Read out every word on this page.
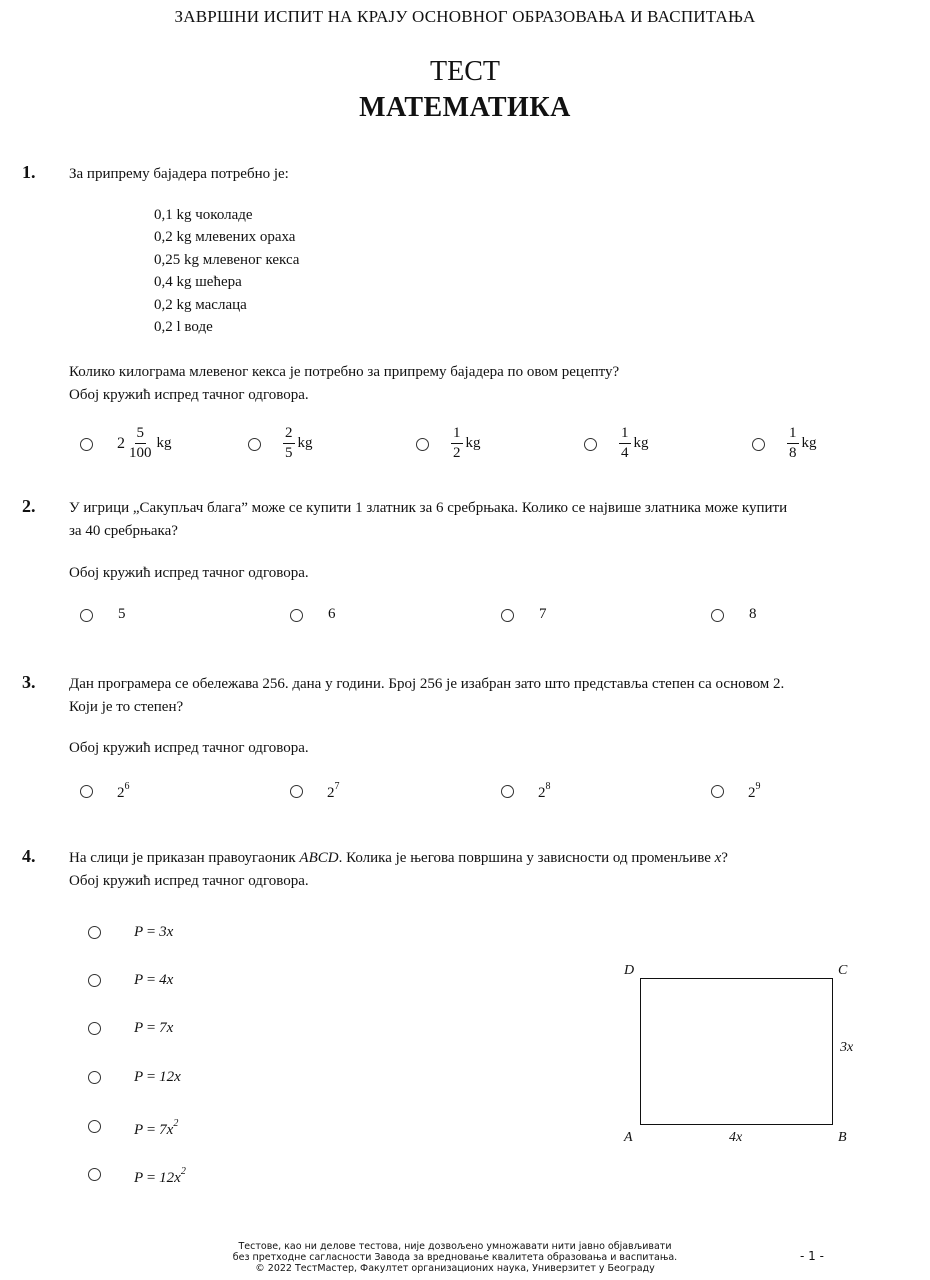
ЗАВРШНИ ИСПИТ НА КРАЈУ ОСНОВНОГ ОБРАЗОВАЊА И ВАСПИТАЊА
ТЕСТ
МАТЕМАТИКА
1. За припрему бајадера потребно је:
0,1 kg чоколаде
0,2 kg млевених ораха
0,25 kg млевеног кекса
0,4 kg шећера
0,2 kg маслаца
0,2 l воде
Колико килограма млевеног кекса је потребно за припрему бајадера по овом рецепту?
Обој кружић испред тачног одговора.
$2 \frac{5}{100}$ kg	$\frac{2}{5}$ kg	$\frac{1}{2}$ kg	$\frac{1}{4}$ kg	$\frac{1}{8}$ kg
2. У игрици „Сакупљач блага” може се купити 1 златник за 6 сребрњака. Колико се највише златника може купити
за 40 сребрњака?
Обој кружић испред тачног одговора.
5	6	7	8
3. Дан програмера се обележава 256. дана у години. Број 256 је изабран зато што представља степен са основом 2.
Који је то степен?
Обој кружић испред тачног одговора.
$2^6$	$2^7$	$2^8$	$2^9$
4. На слици је приказан правоугаоник ABCD. Колика је његова површина у зависности од променљиве x?
Обој кружић испред тачног одговора.
P = 3x
P = 4x
P = 7x
P = 12x
$P = 7x^2$
$P = 12x^2$
D	C
A	B
3x
4x
Тестове, као ни делове тестова, није дозвољено умножавати нити јавно објављивати
без претходне сагласности Завода за вредновање квалитета образовања и васпитања.
© 2022 ТестМастер, Факултет организационих наука, Универзитет у Београду
- 1 -
